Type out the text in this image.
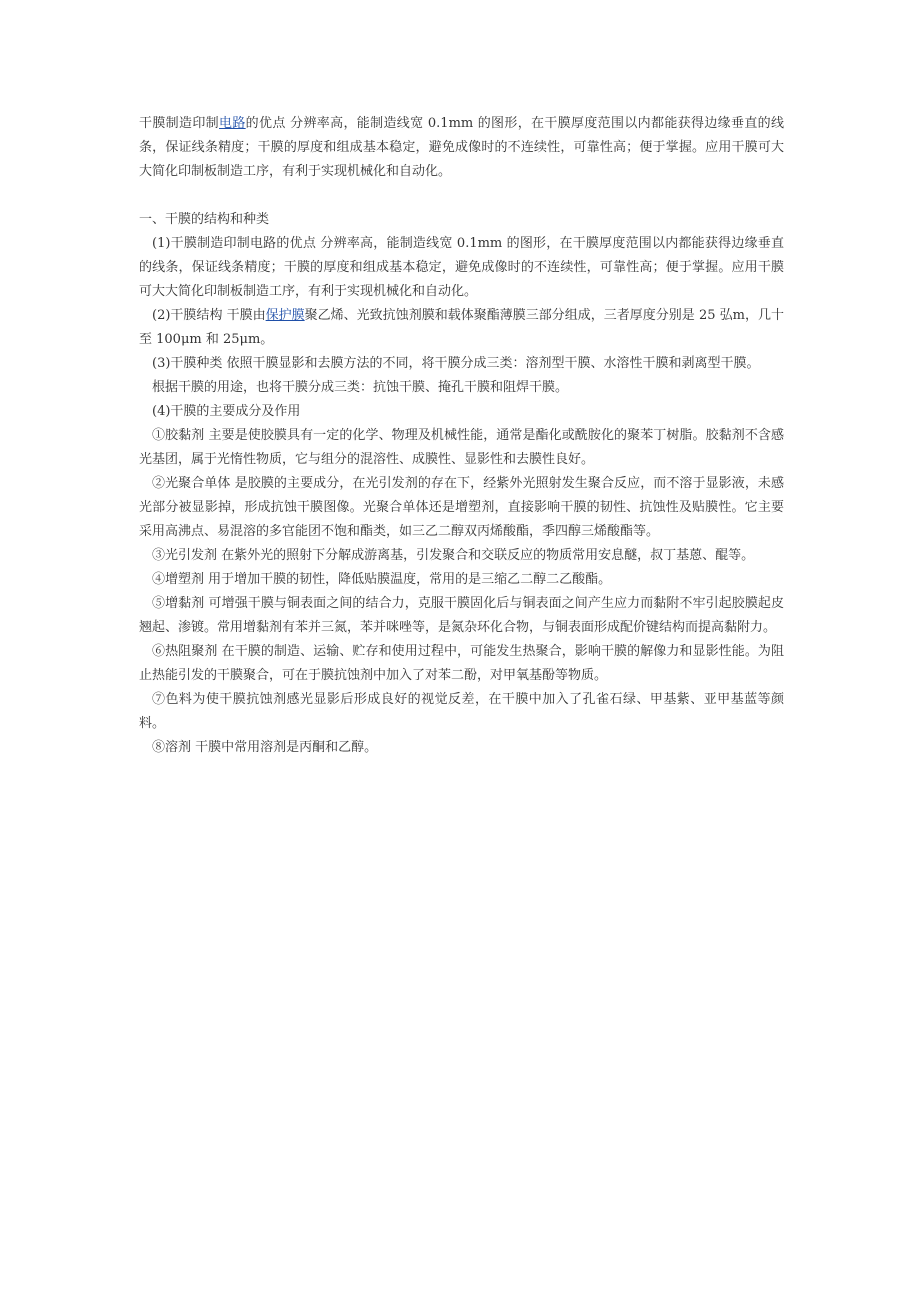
干膜制造印制电路的优点 分辨率高，能制造线宽 0.1mm 的图形，在干膜厚度范围以内都能获得边缘垂直的线条，保证线条精度；干膜的厚度和组成基本稳定，避免成像时的不连续性，可靠性高；便于掌握。应用干膜可大大简化印制板制造工序，有利于实现机械化和自动化。

一、干膜的结构和种类

(1)干膜制造印制电路的优点 分辨率高，能制造线宽 0.1mm 的图形，在干膜厚度范围以内都能获得边缘垂直的线条，保证线条精度；干膜的厚度和组成基本稳定，避免成像时的不连续性，可靠性高；便于掌握。应用干膜可大大简化印制板制造工序，有利于实现机械化和自动化。

(2)干膜结构 干膜由保护膜聚乙烯、光致抗蚀剂膜和载体聚酯薄膜三部分组成，三者厚度分别是 25 弘m，几十至 100μm 和 25μm。

(3)干膜种类 依照干膜显影和去膜方法的不同，将干膜分成三类：溶剂型干膜、水溶性干膜和剥离型干膜。

根据干膜的用途，也将干膜分成三类：抗蚀干膜、掩孔干膜和阻焊干膜。

(4)干膜的主要成分及作用

①胶黏剂 主要是使胶膜具有一定的化学、物理及机械性能，通常是酯化或酰胺化的聚苯丁树脂。胶黏剂不含感光基团，属于光惰性物质，它与组分的混溶性、成膜性、显影性和去膜性良好。

②光聚合单体 是胶膜的主要成分，在光引发剂的存在下，经紫外光照射发生聚合反应，而不溶于显影液，未感光部分被显影掉，形成抗蚀干膜图像。光聚合单体还是增塑剂，直接影响干膜的韧性、抗蚀性及贴膜性。它主要采用高沸点、易混溶的多官能团不饱和酯类，如三乙二醇双丙烯酸酯，季四醇三烯酸酯等。

③光引发剂 在紫外光的照射下分解成游离基，引发聚合和交联反应的物质常用安息醚，叔丁基蒽、醌等。

④增塑剂 用于增加干膜的韧性，降低贴膜温度，常用的是三缩乙二醇二乙酸酯。

⑤增黏剂 可增强干膜与铜表面之间的结合力，克服干膜固化后与铜表面之间产生应力而黏附不牢引起胶膜起皮翘起、渗镀。常用增黏剂有苯并三氮，苯并咪唑等，是氮杂环化合物，与铜表面形成配价键结构而提高黏附力。

⑥热阻聚剂 在干膜的制造、运输、贮存和使用过程中，可能发生热聚合，影响干膜的解像力和显影性能。为阻止热能引发的干膜聚合，可在于膜抗蚀剂中加入了对苯二酚，对甲氧基酚等物质。

⑦色料为使干膜抗蚀剂感光显影后形成良好的视觉反差，在干膜中加入了孔雀石绿、甲基紫、亚甲基蓝等颜料。

⑧溶剂 干膜中常用溶剂是丙酮和乙醇。
